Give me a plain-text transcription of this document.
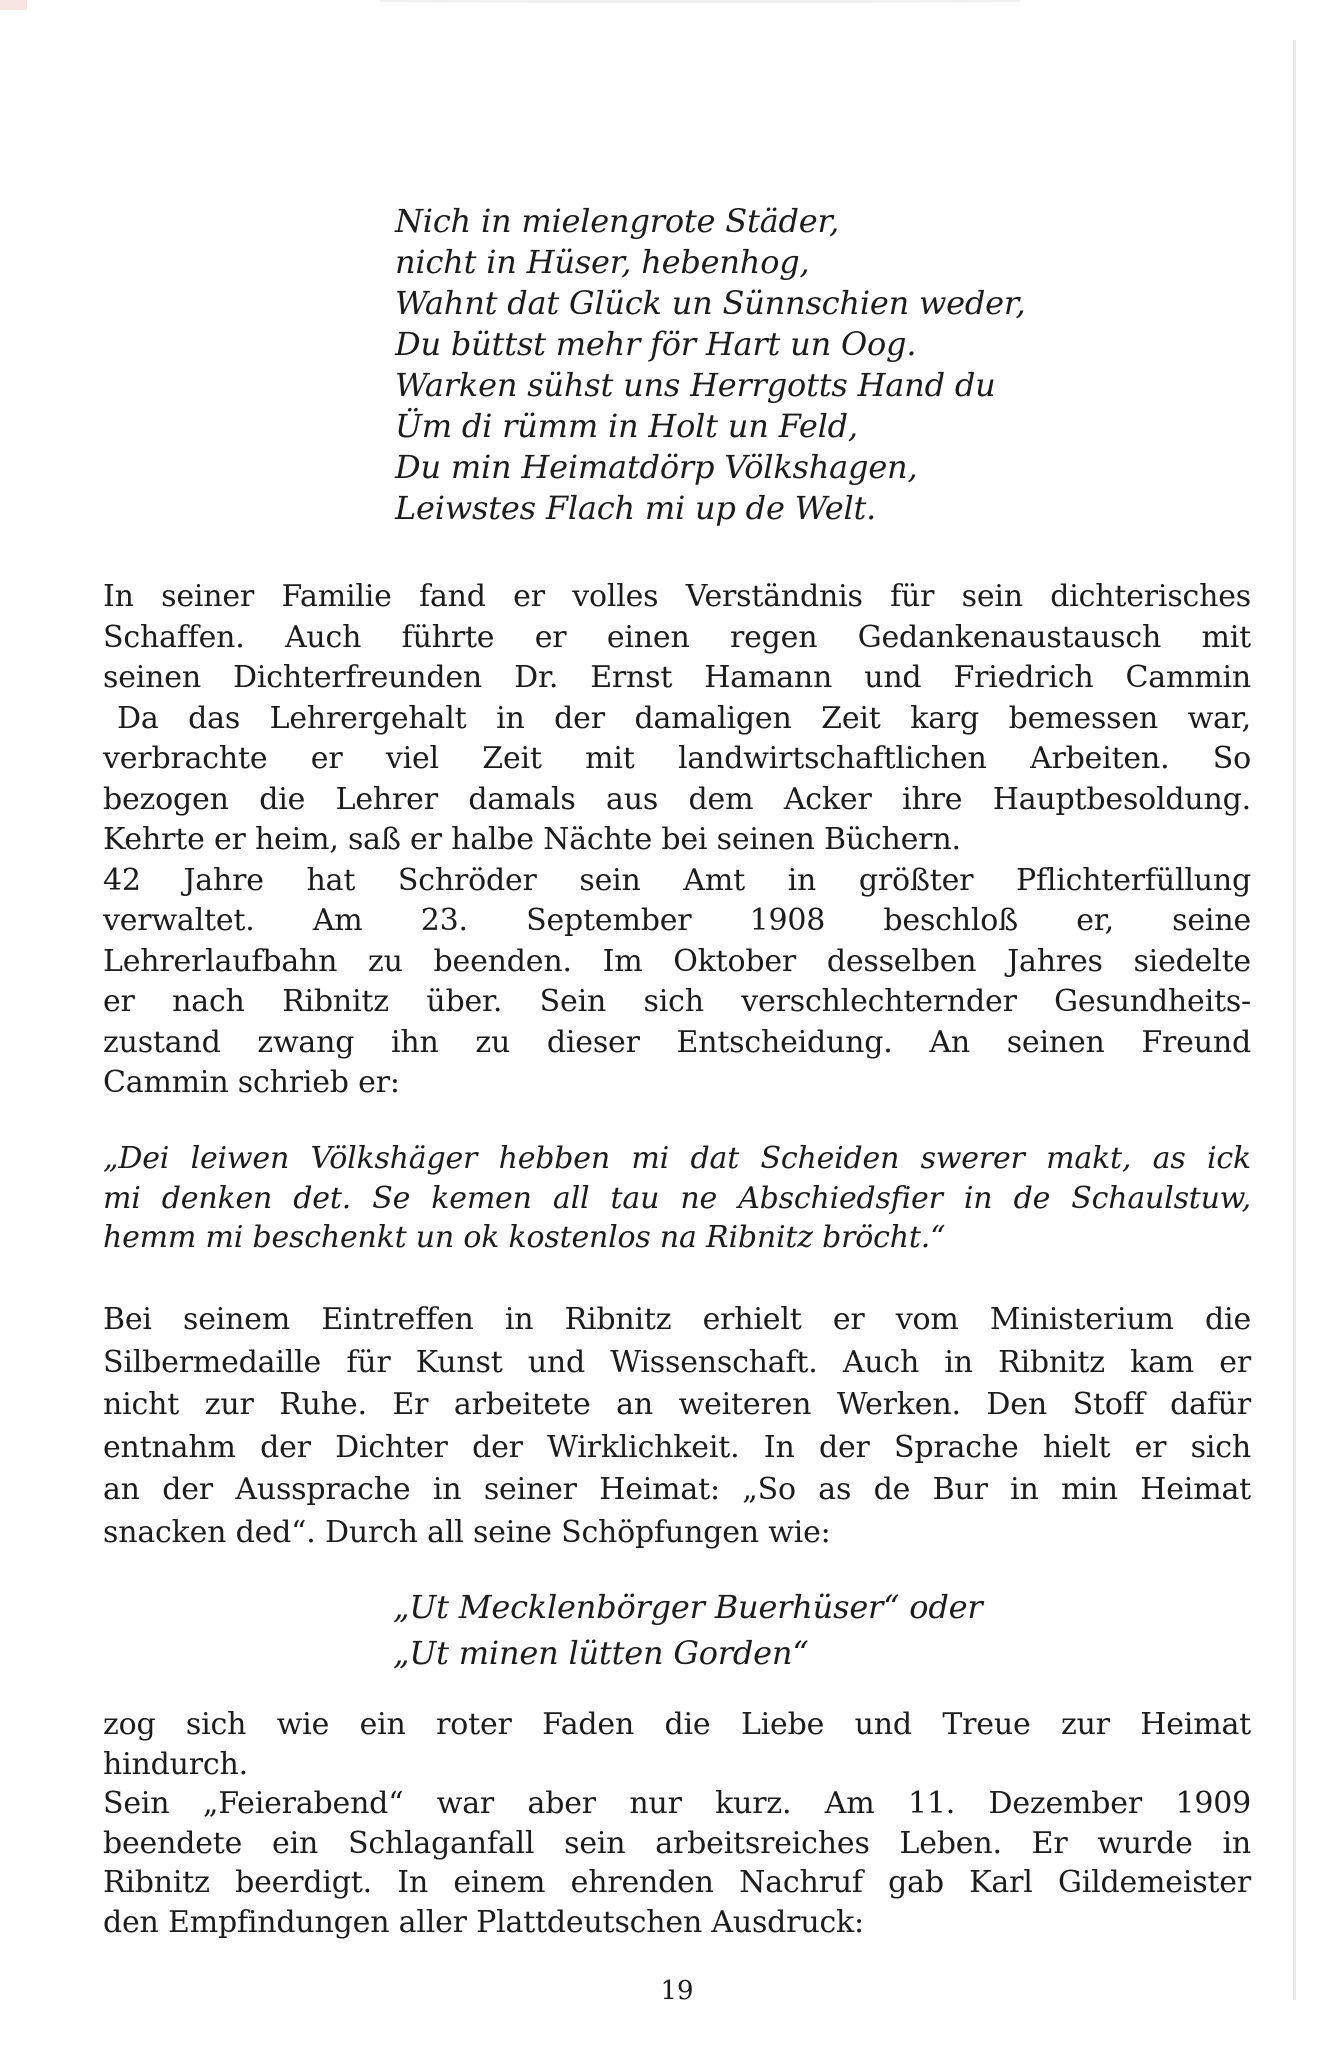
Nich in mielengrote Städer,
nicht in Hüser, hebenhog,
Wahnt dat Glück un Sünnschien weder,
Du büttst mehr för Hart un Oog.
Warken sühst uns Herrgotts Hand du
Üm di rümm in Holt un Feld,
Du min Heimatdörp Völkshagen,
Leiwstes Flach mi up de Welt.
In seiner Familie fand er volles Verständnis für sein dichterisches
Schaffen. Auch führte er einen regen Gedankenaustausch mit
seinen Dichterfreunden Dr. Ernst Hamann und Friedrich Cammin
Da das Lehrergehalt in der damaligen Zeit karg bemessen war,
verbrachte er viel Zeit mit landwirtschaftlichen Arbeiten. So
bezogen die Lehrer damals aus dem Acker ihre Hauptbesoldung.
Kehrte er heim, saß er halbe Nächte bei seinen Büchern.
42 Jahre hat Schröder sein Amt in größter Pflichterfüllung
verwaltet. Am 23. September 1908 beschloß er, seine
Lehrerlaufbahn zu beenden. Im Oktober desselben Jahres siedelte
er nach Ribnitz über. Sein sich verschlechternder Gesundheits-
zustand zwang ihn zu dieser Entscheidung. An seinen Freund
Cammin schrieb er:
„Dei leiwen Völkshäger hebben mi dat Scheiden swerer makt, as ick
mi denken det. Se kemen all tau ne Abschiedsfier in de Schaulstuw,
hemm mi beschenkt un ok kostenlos na Ribnitz bröcht.“
Bei seinem Eintreffen in Ribnitz erhielt er vom Ministerium die
Silbermedaille für Kunst und Wissenschaft. Auch in Ribnitz kam er
nicht zur Ruhe. Er arbeitete an weiteren Werken. Den Stoff dafür
entnahm der Dichter der Wirklichkeit. In der Sprache hielt er sich
an der Aussprache in seiner Heimat: „So as de Bur in min Heimat
snacken ded“. Durch all seine Schöpfungen wie:
„Ut Mecklenbörger Buerhüser“ oder
„Ut minen lütten Gorden“
zog sich wie ein roter Faden die Liebe und Treue zur Heimat
hindurch.
Sein „Feierabend“ war aber nur kurz. Am 11. Dezember 1909
beendete ein Schlaganfall sein arbeitsreiches Leben. Er wurde in
Ribnitz beerdigt. In einem ehrenden Nachruf gab Karl Gildemeister
den Empfindungen aller Plattdeutschen Ausdruck:
19
